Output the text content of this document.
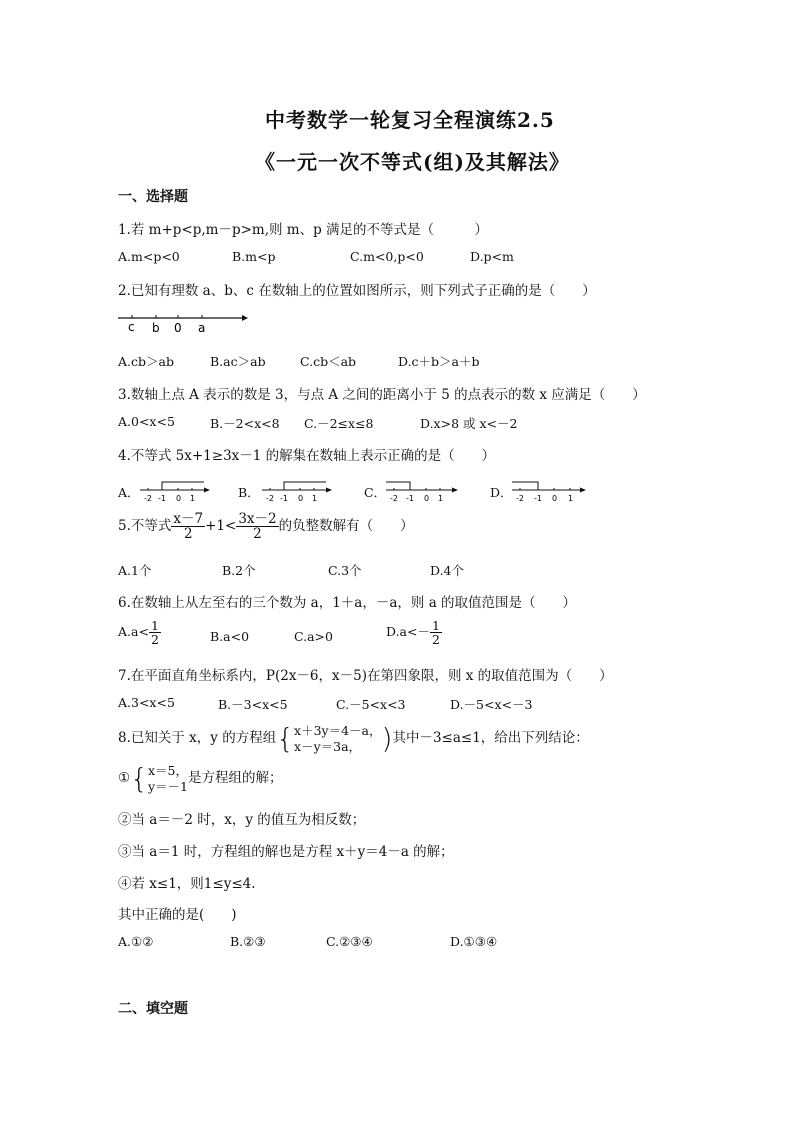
中考数学一轮复习全程演练2.5
《一元一次不等式(组)及其解法》
一、选择题
1.若 m+p<p,m－p>m,则 m、p 满足的不等式是（　　　）
A.m<p<0	B.m<p	C.m<0,p<0	D.p<m
2.已知有理数 a、b、c 在数轴上的位置如图所示，则下列式子正确的是（　　）
c b 0 a
A.cb＞ab	B.ac＞ab	C.cb＜ab	D.c＋b＞a＋b
3.数轴上点 A 表示的数是 3，与点 A 之间的距离小于 5 的点表示的数 x 应满足（　　）
A.0<x<5	B.－2<x<8 C.－2≤x≤8	D.x>8 或 x<－2
4.不等式 5x+1≥3x－1 的解集在数轴上表示正确的是（　　）
A． -2 -1 0 1	B． -2 -1 0 1	C． -2 -1 0 1	D． -2 -1 0 1
5.不等式 $\frac{x-7}{2} +1< \frac{3x-2}{2}$ 的负整数解有（　　）
A.1个	B.2个	C.3个	D.4个
6.在数轴上从左至右的三个数为 a，1＋a，－a，则 a 的取值范围是（　　）
$A.a< \frac{1}{2}$	B.a<0	C.a>0	$D.a<- \frac{1}{2}$
7.在平面直角坐标系内，P(2x－6，x－5)在第四象限，则 x 的取值范围为（　　）
A.3<x<5	B.－3<x<5	C.－5<x<3	D.－5<x<－3
8.已知关于 x，y 的方程组{x＋3y＝4－a，
x－y＝3a， )其中－3≤a≤1，给出下列结论：
①{x＝5，
y＝－1是方程组的解；
②当 a＝－2 时，x，y 的值互为相反数；
③当 a＝1 时，方程组的解也是方程 x＋y＝4－a 的解；
④若 x≤1，则1≤y≤4.
其中正确的是(　　)
A.①②	B.②③	C.②③④	D.①③④
二、填空题
